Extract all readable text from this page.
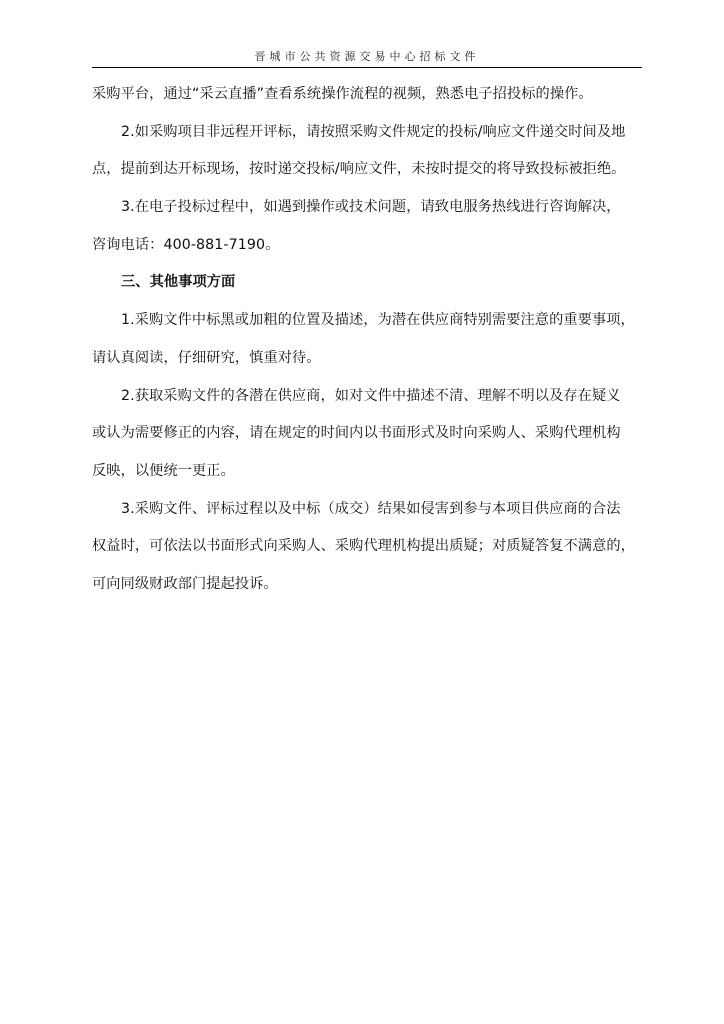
晋城市公共资源交易中心招标文件
采购平台，通过“采云直播”查看系统操作流程的视频，熟悉电子招投标的操作。
2.如采购项目非远程开评标，请按照采购文件规定的投标/响应文件递交时间及地
点，提前到达开标现场，按时递交投标/响应文件，未按时提交的将导致投标被拒绝。
3.在电子投标过程中，如遇到操作或技术问题，请致电服务热线进行咨询解决，
咨询电话：400-881-7190。
三、其他事项方面
1.采购文件中标黑或加粗的位置及描述，为潜在供应商特别需要注意的重要事项，
请认真阅读，仔细研究，慎重对待。
2.获取采购文件的各潜在供应商，如对文件中描述不清、理解不明以及存在疑义
或认为需要修正的内容，请在规定的时间内以书面形式及时向采购人、采购代理机构
反映，以便统一更正。
3.采购文件、评标过程以及中标（成交）结果如侵害到参与本项目供应商的合法
权益时，可依法以书面形式向采购人、采购代理机构提出质疑；对质疑答复不满意的，
可向同级财政部门提起投诉。
